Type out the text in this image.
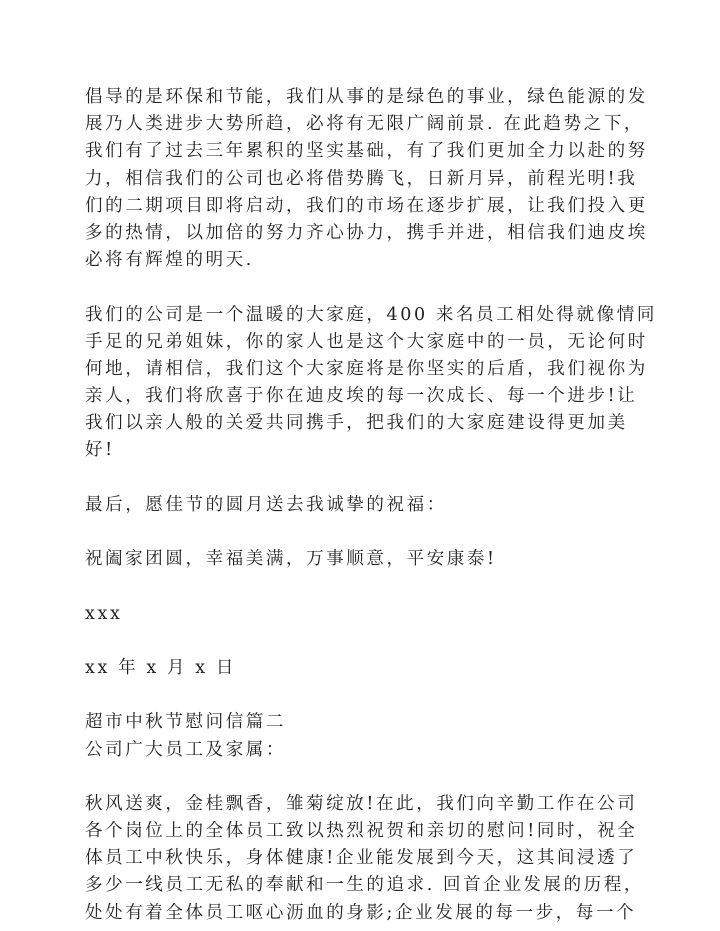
倡导的是环保和节能，我们从事的是绿色的事业，绿色能源的发
展乃人类进步大势所趋，必将有无限广阔前景. 在此趋势之下，
我们有了过去三年累积的坚实基础，有了我们更加全力以赴的努
力，相信我们的公司也必将借势腾飞，日新月异，前程光明!我
们的二期项目即将启动，我们的市场在逐步扩展，让我们投入更
多的热情，以加倍的努力齐心协力，携手并进，相信我们迪皮埃
必将有辉煌的明天.
我们的公司是一个温暖的大家庭，400 来名员工相处得就像情同
手足的兄弟姐妹，你的家人也是这个大家庭中的一员，无论何时
何地，请相信，我们这个大家庭将是你坚实的后盾，我们视你为
亲人，我们将欣喜于你在迪皮埃的每一次成长、每一个进步!让
我们以亲人般的关爱共同携手，把我们的大家庭建设得更加美
好!
最后，愿佳节的圆月送去我诚挚的祝福：
祝阖家团圆，幸福美满，万事顺意，平安康泰!
xxx
xx 年 x 月 x 日
超市中秋节慰问信篇二
公司广大员工及家属：
秋风送爽，金桂飘香，雏菊绽放!在此，我们向辛勤工作在公司
各个岗位上的全体员工致以热烈祝贺和亲切的慰问!同时，祝全
体员工中秋快乐，身体健康!企业能发展到今天，这其间浸透了
多少一线员工无私的奉献和一生的追求. 回首企业发展的历程，
处处有着全体员工呕心沥血的身影;企业发展的每一步，每一个
